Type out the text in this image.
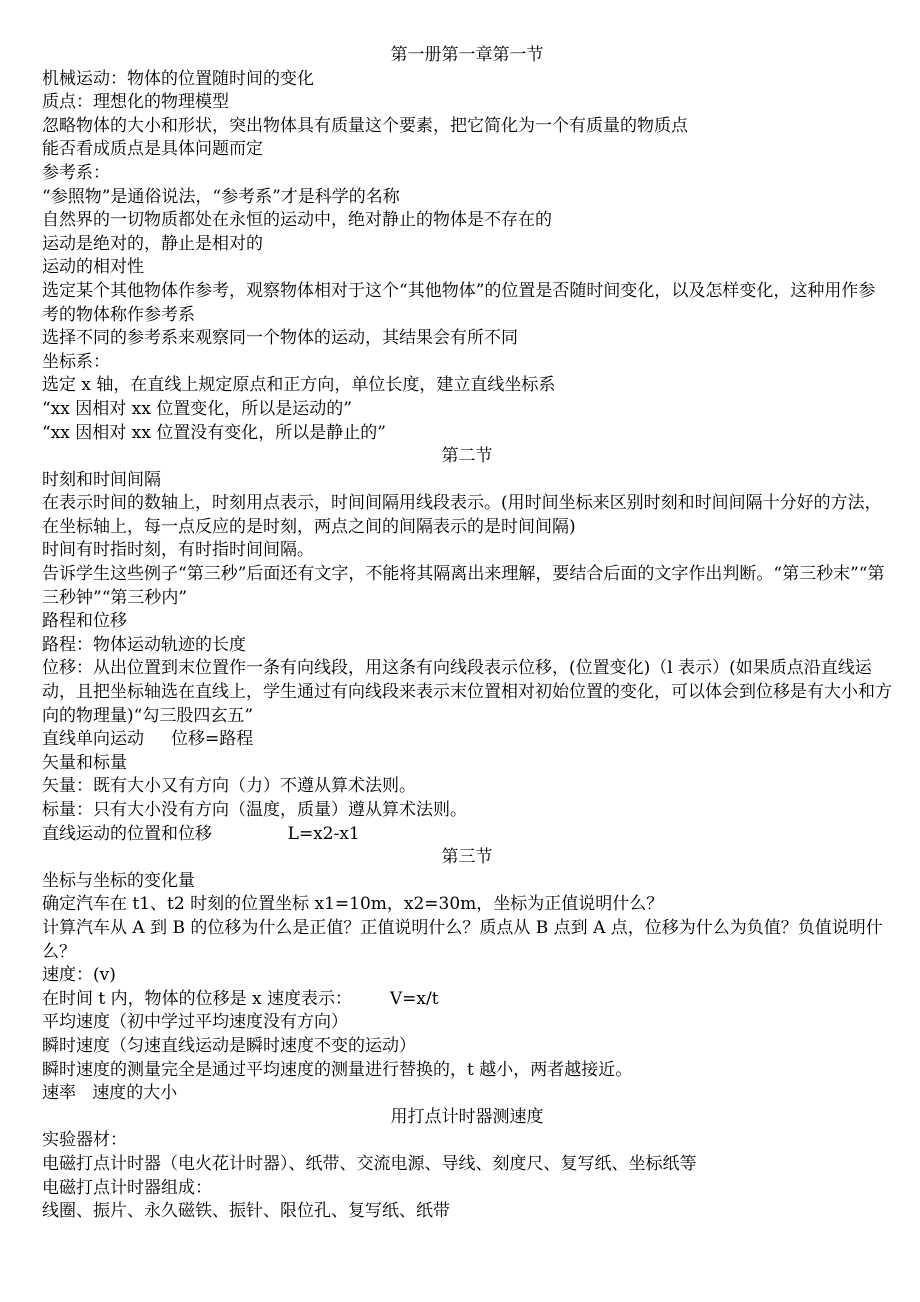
第一册第一章第一节

机械运动：物体的位置随时间的变化

质点：理想化的物理模型

忽略物体的大小和形状，突出物体具有质量这个要素，把它简化为一个有质量的物质点

能否看成质点是具体问题而定

参考系：

“参照物”是通俗说法，“参考系”才是科学的名称

自然界的一切物质都处在永恒的运动中，绝对静止的物体是不存在的

运动是绝对的，静止是相对的

运动的相对性

选定某个其他物体作参考，观察物体相对于这个“其他物体”的位置是否随时间变化，以及怎样变化，这种用作参考的物体称作参考系

选择不同的参考系来观察同一个物体的运动，其结果会有所不同

坐标系：

选定 x 轴，在直线上规定原点和正方向，单位长度，建立直线坐标系

“xx 因相对 xx 位置变化，所以是运动的”

“xx 因相对 xx 位置没有变化，所以是静止的”

第二节

时刻和时间间隔

在表示时间的数轴上，时刻用点表示，时间间隔用线段表示。(用时间坐标来区别时刻和时间间隔十分好的方法，在坐标轴上，每一点反应的是时刻，两点之间的间隔表示的是时间间隔)

时间有时指时刻，有时指时间间隔。

告诉学生这些例子“第三秒”后面还有文字，不能将其隔离出来理解，要结合后面的文字作出判断。“第三秒末”“第三秒钟”“第三秒内”

路程和位移

路程：物体运动轨迹的长度

位移：从出位置到末位置作一条有向线段，用这条有向线段表示位移，(位置变化)（l 表示）(如果质点沿直线运动，且把坐标轴选在直线上，学生通过有向线段来表示末位置相对初始位置的变化，可以体会到位移是有大小和方向的物理量)“勾三股四玄五”

直线单向运动     位移=路程

矢量和标量

矢量：既有大小又有方向（力）不遵从算术法则。

标量：只有大小没有方向（温度，质量）遵从算术法则。

直线运动的位置和位移              L=x2-x1

第三节

坐标与坐标的变化量

确定汽车在 t1、t2 时刻的位置坐标 x1=10m，x2=30m，坐标为正值说明什么？

计算汽车从 A 到 B 的位移为什么是正值？正值说明什么？质点从 B 点到 A 点，位移为什么为负值？负值说明什么？

速度：(v)

在时间 t 内，物体的位移是 x 速度表示：       V=x/t

平均速度（初中学过平均速度没有方向）

瞬时速度（匀速直线运动是瞬时速度不变的运动）

瞬时速度的测量完全是通过平均速度的测量进行替换的，t 越小，两者越接近。

速率   速度的大小

用打点计时器测速度

实验器材：

电磁打点计时器（电火花计时器）、纸带、交流电源、导线、刻度尺、复写纸、坐标纸等

电磁打点计时器组成：

线圈、振片、永久磁铁、振针、限位孔、复写纸、纸带
